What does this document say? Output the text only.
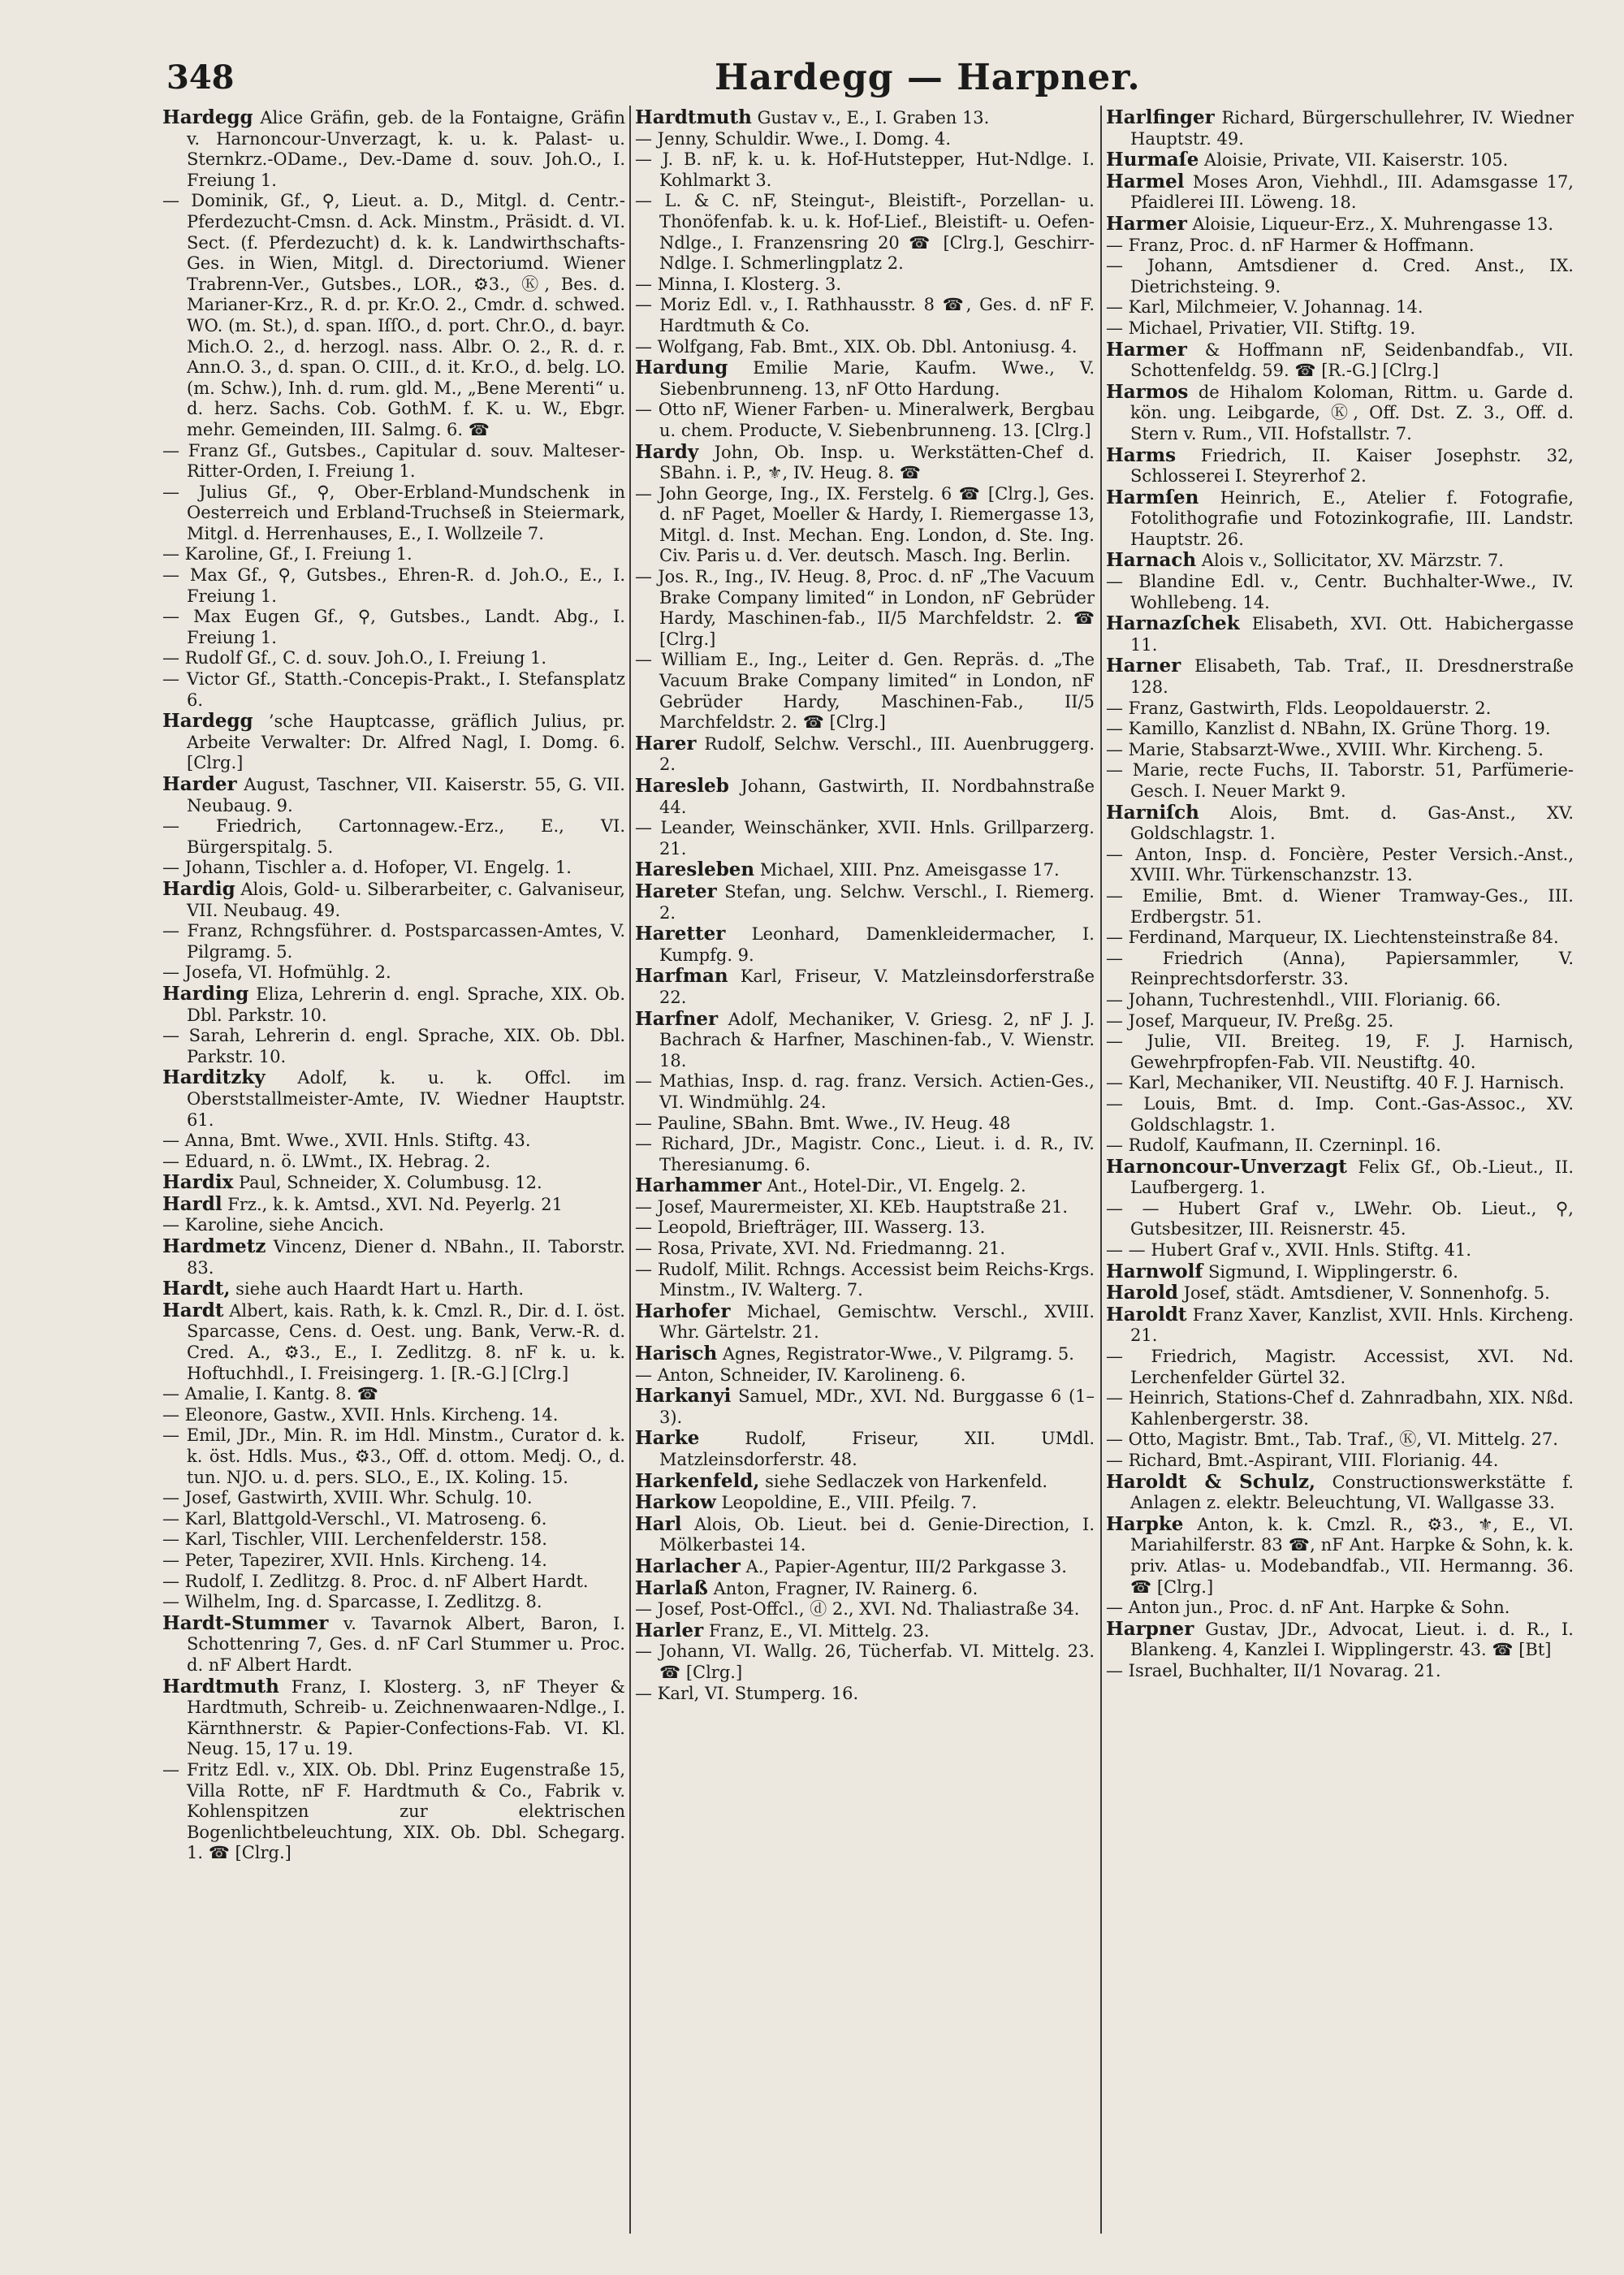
348	Hardegg — Harpner.

Hardegg Alice Gräfin, geb. de la Fontaigne, Gräfin v. Harnoncour-Unverzagt, k. u. k. Palast- u. Sternkrz.-ODame., Dev.-Dame d. souv. Joh.O., I. Freiung 1.

— Dominik, Gf., ⚲, Lieut. a. D., Mitgl. d. Centr.-Pferdezucht-Cmsn. d. Ack. Minstm., Präsidt. d. VI. Sect. (f. Pferdezucht) d. k. k. Landwirthschafts-Ges. in Wien, Mitgl. d. Directoriumd. Wiener Trabrenn-Ver., Gutsbes., LOR., ⚙3., Ⓚ, Bes. d. Marianer-Krz., R. d. pr. Kr.O. 2., Cmdr. d. schwed. WO. (m. St.), d. span. IſſO., d. port. Chr.O., d. bayr. Mich.O. 2., d. herzogl. nass. Albr. O. 2., R. d. r. Ann.O. 3., d. span. O. CIII., d. it. Kr.O., d. belg. LO. (m. Schw.), Inh. d. rum. gld. M., „Bene Merenti“ u. d. herz. Sachs. Cob. GothM. f. K. u. W., Ebgr. mehr. Gemeinden, III. Salmg. 6. ☎

— Franz Gf., Gutsbes., Capitular d. souv. Malteser-Ritter-Orden, I. Freiung 1.

— Julius Gf., ⚲, Ober-Erbland-Mundschenk in Oesterreich und Erbland-Truchseß in Steiermark, Mitgl. d. Herrenhauses, E., I. Wollzeile 7.

— Karoline, Gf., I. Freiung 1.

— Max Gf., ⚲, Gutsbes., Ehren-R. d. Joh.O., E., I. Freiung 1.

— Max Eugen Gf., ⚲, Gutsbes., Landt. Abg., I. Freiung 1.

— Rudolf Gf., C. d. souv. Joh.O., I. Freiung 1.

— Victor Gf., Statth.-Concepis-Prakt., I. Stefansplatz 6.

Hardegg ’sche Hauptcasse, gräflich Julius, pr. Arbeite Verwalter: Dr. Alfred Nagl, I. Domg. 6. [Clrg.]

Harder August, Taschner, VII. Kaiserstr. 55, G. VII. Neubaug. 9.

— Friedrich, Cartonnagew.-Erz., E., VI. Bürgerspitalg. 5.

— Johann, Tischler a. d. Hofoper, VI. Engelg. 1.

Hardig Alois, Gold- u. Silberarbeiter, c. Galvaniseur, VII. Neubaug. 49.

— Franz, Rchngsführer. d. Postsparcassen-Amtes, V. Pilgramg. 5.

— Josefa, VI. Hofmühlg. 2.

Harding Eliza, Lehrerin d. engl. Sprache, XIX. Ob. Dbl. Parkstr. 10.

— Sarah, Lehrerin d. engl. Sprache, XIX. Ob. Dbl. Parkstr. 10.

Harditzky Adolf, k. u. k. Offcl. im Oberststallmeister-Amte, IV. Wiedner Hauptstr. 61.

— Anna, Bmt. Wwe., XVII. Hnls. Stiftg. 43.

— Eduard, n. ö. LWmt., IX. Hebrag. 2.

Hardix Paul, Schneider, X. Columbusg. 12.

Hardl Frz., k. k. Amtsd., XVI. Nd. Peyerlg. 21

— Karoline, siehe Ancich.

Hardmetz Vincenz, Diener d. NBahn., II. Taborstr. 83.

Hardt, siehe auch Haardt Hart u. Harth.

Hardt Albert, kais. Rath, k. k. Cmzl. R., Dir. d. I. öst. Sparcasse, Cens. d. Oest. ung. Bank, Verw.-R. d. Cred. A., ⚙3., E., I. Zedlitzg. 8. nF k. u. k. Hoftuchhdl., I. Freisingerg. 1. [R.-G.] [Clrg.]

— Amalie, I. Kantg. 8. ☎

— Eleonore, Gastw., XVII. Hnls. Kircheng. 14.

— Emil, JDr., Min. R. im Hdl. Minstm., Curator d. k. k. öst. Hdls. Mus., ⚙3., Off. d. ottom. Medj. O., d. tun. NJO. u. d. pers. SLO., E., IX. Koling. 15.

— Josef, Gastwirth, XVIII. Whr. Schulg. 10.

— Karl, Blattgold-Verschl., VI. Matroseng. 6.

— Karl, Tischler, VIII. Lerchenfelderstr. 158.

— Peter, Tapezirer, XVII. Hnls. Kircheng. 14.

— Rudolf, I. Zedlitzg. 8. Proc. d. nF Albert Hardt.

— Wilhelm, Ing. d. Sparcasse, I. Zedlitzg. 8.

Hardt-Stummer v. Tavarnok Albert, Baron, I. Schottenring 7, Ges. d. nF Carl Stummer u. Proc. d. nF Albert Hardt.

Hardtmuth Franz, I. Klosterg. 3, nF Theyer & Hardtmuth, Schreib- u. Zeichnenwaaren-Ndlge., I. Kärnthnerstr. & Papier-Confections-Fab. VI. Kl. Neug. 15, 17 u. 19.

— Fritz Edl. v., XIX. Ob. Dbl. Prinz Eugenstraße 15, Villa Rotte, nF F. Hardtmuth & Co., Fabrik v. Kohlenspitzen zur elektrischen Bogenlichtbeleuchtung, XIX. Ob. Dbl. Schegarg. 1. ☎ [Clrg.]

Hardtmuth Gustav v., E., I. Graben 13.

— Jenny, Schuldir. Wwe., I. Domg. 4.

— J. B. nF, k. u. k. Hof-Hutstepper, Hut-Ndlge. I. Kohlmarkt 3.

— L. & C. nF, Steingut-, Bleistift-, Porzellan- u. Thonöfenfab. k. u. k. Hof-Lief., Bleistift- u. Oefen-Ndlge., I. Franzensring 20 ☎ [Clrg.], Geschirr-Ndlge. I. Schmerlingplatz 2.

— Minna, I. Klosterg. 3.

— Moriz Edl. v., I. Rathhausstr. 8 ☎, Ges. d. nF F. Hardtmuth & Co.

— Wolfgang, Fab. Bmt., XIX. Ob. Dbl. Antoniusg. 4.

Hardung Emilie Marie, Kaufm. Wwe., V. Siebenbrunneng. 13, nF Otto Hardung.

— Otto nF, Wiener Farben- u. Mineralwerk, Bergbau u. chem. Producte, V. Siebenbrunneng. 13. [Clrg.]

Hardy John, Ob. Insp. u. Werkstätten-Chef d. SBahn. i. P., ⚜, IV. Heug. 8. ☎

— John George, Ing., IX. Ferstelg. 6 ☎ [Clrg.], Ges. d. nF Paget, Moeller & Hardy, I. Riemergasse 13, Mitgl. d. Inst. Mechan. Eng. London, d. Ste. Ing. Civ. Paris u. d. Ver. deutsch. Masch. Ing. Berlin.

— Jos. R., Ing., IV. Heug. 8, Proc. d. nF „The Vacuum Brake Company limited“ in London, nF Gebrüder Hardy, Maschinen-fab., II/5 Marchfeldstr. 2. ☎ [Clrg.]

— William E., Ing., Leiter d. Gen. Repräs. d. „The Vacuum Brake Company limited“ in London, nF Gebrüder Hardy, Maschinen-Fab., II/5 Marchfeldstr. 2. ☎ [Clrg.]

Harer Rudolf, Selchw. Verschl., III. Auenbruggerg. 2.

Haresleb Johann, Gastwirth, II. Nordbahnstraße 44.

— Leander, Weinschänker, XVII. Hnls. Grillparzerg. 21.

Haresleben Michael, XIII. Pnz. Ameisgasse 17.

Hareter Stefan, ung. Selchw. Verschl., I. Riemerg. 2.

Haretter Leonhard, Damenkleidermacher, I. Kumpfg. 9.

Harfman Karl, Friseur, V. Matzleinsdorferstraße 22.

Harfner Adolf, Mechaniker, V. Griesg. 2, nF J. J. Bachrach & Harfner, Maschinen-fab., V. Wienstr. 18.

— Mathias, Insp. d. rag. franz. Versich. Actien-Ges., VI. Windmühlg. 24.

— Pauline, SBahn. Bmt. Wwe., IV. Heug. 48

— Richard, JDr., Magistr. Conc., Lieut. i. d. R., IV. Theresianumg. 6.

Harhammer Ant., Hotel-Dir., VI. Engelg. 2.

— Josef, Maurermeister, XI. KEb. Hauptstraße 21.

— Leopold, Briefträger, III. Wasserg. 13.

— Rosa, Private, XVI. Nd. Friedmanng. 21.

— Rudolf, Milit. Rchngs. Accessist beim Reichs-Krgs. Minstm., IV. Walterg. 7.

Harhofer Michael, Gemischtw. Verschl., XVIII. Whr. Gärtelstr. 21.

Harisch Agnes, Registrator-Wwe., V. Pilgramg. 5.

— Anton, Schneider, IV. Karolineng. 6.

Harkanyi Samuel, MDr., XVI. Nd. Burggasse 6 (1–3).

Harke	Rudolf, Friseur, XII. UMdl. Matzleinsdorferstr. 48.

Harkenfeld, siehe Sedlaczek von Harkenfeld.

Harkow Leopoldine, E., VIII. Pfeilg. 7.

Harl Alois, Ob. Lieut. bei d. Genie-Direction, I. Mölkerbastei 14.

Harlacher A., Papier-Agentur, III/2 Parkgasse 3.

Harlaß Anton, Fragner, IV. Rainerg. 6.

— Josef, Post-Offcl., ⓓ 2., XVI. Nd. Thaliastraße 34.

Harler Franz, E., VI. Mittelg. 23.

— Johann, VI. Wallg. 26, Tücherfab. VI. Mittelg. 23. ☎ [Clrg.]

— Karl, VI. Stumperg. 16.

Harlfinger Richard, Bürgerschullehrer, IV. Wiedner Hauptstr. 49.

Hurmaſe Aloisie, Private, VII. Kaiserstr. 105.

Harmel Moses Aron, Viehhdl., III. Adamsgasse 17, Pfaidlerei III. Löweng. 18.

Harmer Aloisie, Liqueur-Erz., X. Muhrengasse 13.

— Franz, Proc. d. nF Harmer & Hoffmann.

— Johann, Amtsdiener d. Cred. Anst., IX. Dietrichsteing. 9.

— Karl, Milchmeier, V. Johannag. 14.

— Michael, Privatier, VII. Stiftg. 19.

Harmer & Hoffmann nF, Seidenbandfab., VII. Schottenfeldg. 59. ☎ [R.-G.] [Clrg.]

Harmos de Hihalom Koloman, Rittm. u. Garde d. kön. ung. Leibgarde, Ⓚ, Off. Dst. Z. 3., Off. d. Stern v. Rum., VII. Hofstallstr. 7.

Harms Friedrich, II. Kaiser Josephstr. 32, Schlosserei I. Steyrerhof 2.

Harmſen Heinrich, E., Atelier f. Fotografie, Fotolithografie und Fotozinkografie, III. Landstr. Hauptstr. 26.

Harnach Alois v., Sollicitator, XV. Märzstr. 7.

— Blandine Edl. v., Centr. Buchhalter-Wwe., IV. Wohllebeng. 14.

Harnazſchek Elisabeth, XVI. Ott. Habichergasse 11.

Harner Elisabeth, Tab. Traf., II. Dresdnerstraße 128.

— Franz, Gastwirth, Flds. Leopoldauerstr. 2.

— Kamillo, Kanzlist d. NBahn, IX. Grüne Thorg. 19.

— Marie, Stabsarzt-Wwe., XVIII. Whr. Kircheng. 5.

— Marie, recte Fuchs, II. Taborstr. 51, Parfümerie-Gesch. I. Neuer Markt 9.

Harniſch Alois, Bmt. d. Gas-Anst., XV. Goldschlagstr. 1.

— Anton, Insp. d. Foncière, Pester Versich.-Anst., XVIII. Whr. Türkenschanzstr. 13.

— Emilie, Bmt. d. Wiener Tramway-Ges., III. Erdbergstr. 51.

— Ferdinand, Marqueur, IX. Liechtensteinstraße 84.

— Friedrich (Anna), Papiersammler, V. Reinprechtsdorferstr. 33.

— Johann, Tuchrestenhdl., VIII. Florianig. 66.

— Josef, Marqueur, IV. Preßg. 25.

— Julie, VII. Breiteg. 19, F. J. Harnisch, Gewehrpfropfen-Fab. VII. Neustiftg. 40.

— Karl, Mechaniker, VII. Neustiftg. 40 F. J. Harnisch.

— Louis, Bmt. d. Imp. Cont.-Gas-Assoc., XV. Goldschlagstr. 1.

— Rudolf, Kaufmann, II. Czerninpl. 16.

Harnoncour-Unverzagt Felix Gf., Ob.-Lieut., II. Laufbergerg. 1.

— — Hubert Graf v., LWehr. Ob. Lieut., ⚲, Gutsbesitzer, III. Reisnerstr. 45.

— — Hubert Graf v., XVII. Hnls. Stiftg. 41.

Harnwolf Sigmund, I. Wipplingerstr. 6.

Harold Josef, städt. Amtsdiener, V. Sonnenhofg. 5.

Haroldt Franz Xaver, Kanzlist, XVII. Hnls. Kircheng. 21.

— Friedrich, Magistr. Accessist, XVI. Nd. Lerchenfelder Gürtel 32.

— Heinrich, Stations-Chef d. Zahnradbahn, XIX. Nßd. Kahlenbergerstr. 38.

— Otto, Magistr. Bmt., Tab. Traf., Ⓚ, VI. Mittelg. 27.

— Richard, Bmt.-Aspirant, VIII. Florianig. 44.

Haroldt & Schulz, Constructionswerkstätte f. Anlagen z. elektr. Beleuchtung, VI. Wallgasse 33.

Harpke Anton, k. k. Cmzl. R., ⚙3., ⚜, E., VI. Mariahilferstr. 83 ☎, nF Ant. Harpke & Sohn, k. k. priv. Atlas- u. Modebandfab., VII. Hermanng. 36. ☎ [Clrg.]

— Anton jun., Proc. d. nF Ant. Harpke & Sohn.

Harpner Gustav, JDr., Advocat, Lieut. i. d. R., I. Blankeng. 4, Kanzlei I. Wipplingerstr. 43. ☎ [Bt]

— Israel, Buchhalter, II/1 Novarag. 21.
